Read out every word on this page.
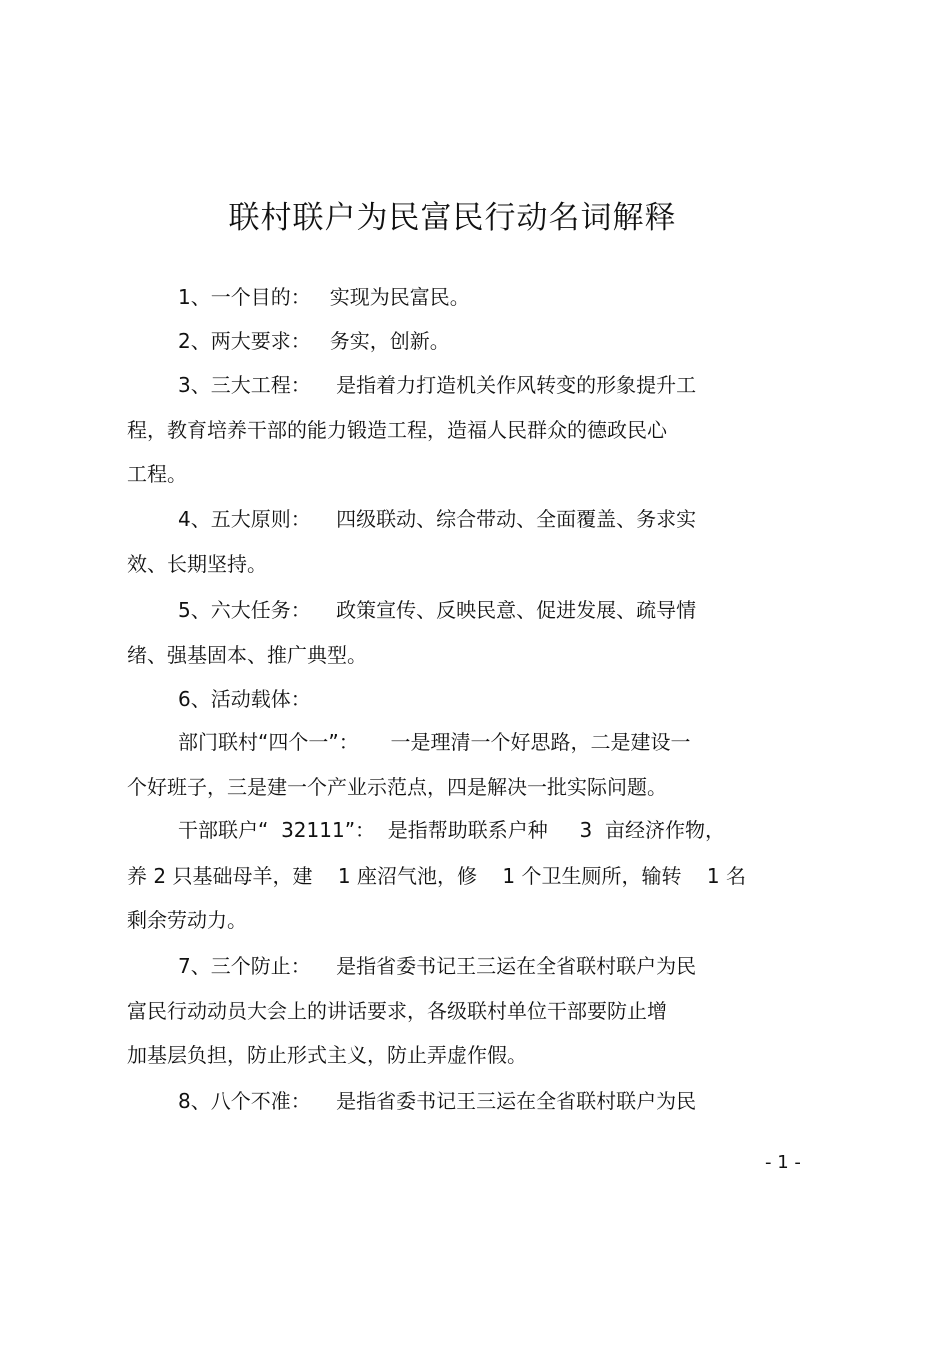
联村联户为民富民行动名词解释
1、一个目的：   实现为民富民。
2、两大要求：   务实，创新。
3、三大工程：    是指着力打造机关作风转变的形象提升工
程，教育培养干部的能力锻造工程，造福人民群众的德政民心
工程。
4、五大原则：    四级联动、综合带动、全面覆盖、务求实
效、长期坚持。
5、六大任务：    政策宣传、反映民意、促进发展、疏导情
绪、强基固本、推广典型。
6、活动载体：
部门联村“四个一”：     一是理清一个好思路，二是建设一
个好班子，三是建一个产业示范点，四是解决一批实际问题。
干部联户“  32111”：  是指帮助联系户种     3  亩经济作物，
养 2 只基础母羊，建    1 座沼气池，修    1 个卫生厕所，输转    1 名
剩余劳动力。
7、三个防止：    是指省委书记王三运在全省联村联户为民
富民行动动员大会上的讲话要求，各级联村单位干部要防止增
加基层负担，防止形式主义，防止弄虚作假。
8、八个不准：    是指省委书记王三运在全省联村联户为民
- 1 -
